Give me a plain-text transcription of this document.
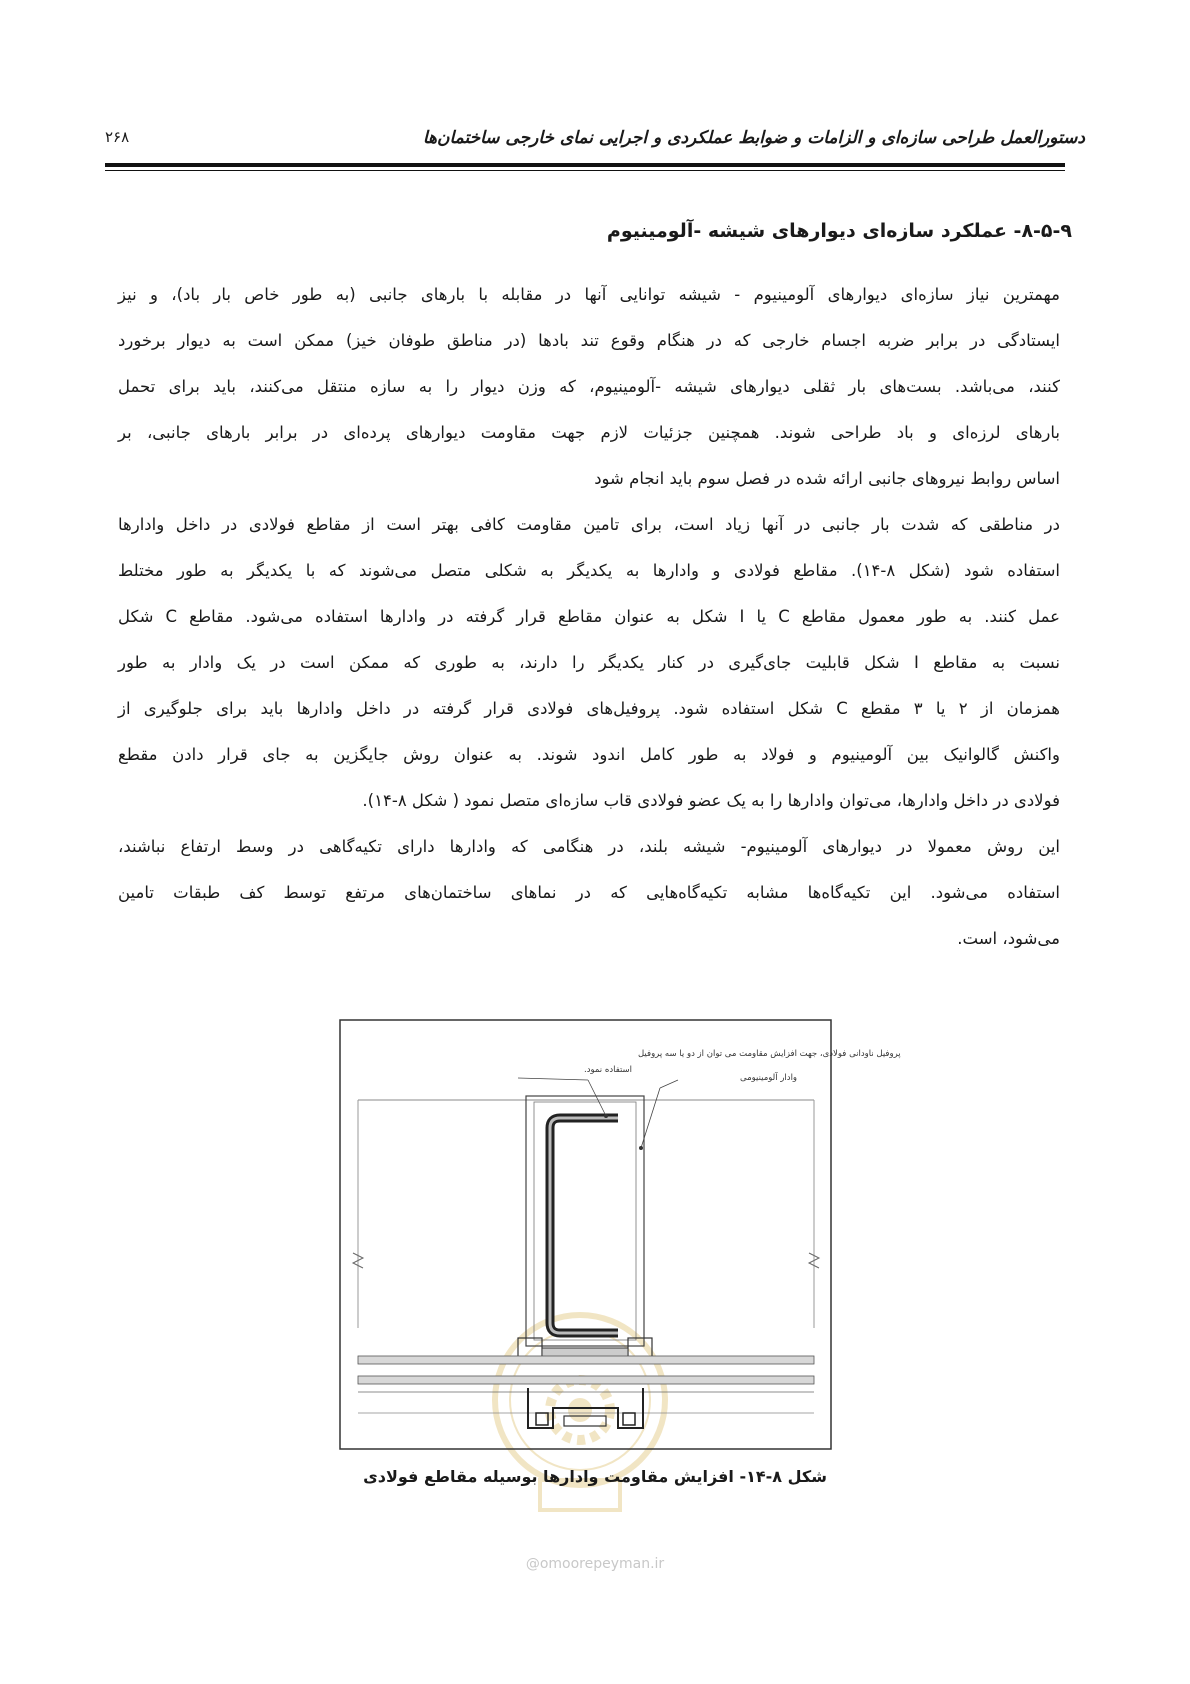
دستورالعمل طراحی سازه‌ای و الزامات و ضوابط عملکردی و اجرایی نمای خارجی ساختمان‌ها
۲۶۸
۸-۵-۹- عملکرد سازه‌ای دیوارهای شیشه -آلومینیوم
مهمترین نیاز سازه‌ای دیوارهای آلومینیوم - شیشه توانایی آنها در مقابله با بارهای جانبی (به طور خاص بار باد)، و نیز
ایستادگی در برابر ضربه اجسام خارجی که در هنگام وقوع تند بادها (در مناطق طوفان خیز) ممکن است به دیوار برخورد
کنند، می‌باشد. بست‌های بار ثقلی دیوارهای شیشه -آلومینیوم، که وزن دیوار را به سازه منتقل می‌کنند، باید برای تحمل
بارهای لرزه‌ای و باد طراحی شوند. همچنین جزئیات لازم جهت مقاومت دیوارهای پرده‌ای در برابر بارهای جانبی، بر
اساس روابط نیروهای جانبی ارائه شده در فصل سوم باید انجام شود
در مناطقی که شدت بار جانبی در آنها زیاد است، برای تامین مقاومت کافی بهتر است از مقاطع فولادی در داخل وادارها
استفاده شود (شکل ۸-۱۴). مقاطع فولادی و وادارها به یکدیگر به شکلی متصل می‌شوند که با یکدیگر به طور مختلط
عمل کنند. به طور معمول مقاطع C یا I شکل به عنوان مقاطع قرار گرفته در وادارها استفاده می‌شود. مقاطع C شکل
نسبت به مقاطع I شکل قابلیت جای‌گیری در کنار یکدیگر را دارند، به طوری که ممکن است در یک وادار به طور
همزمان از ۲ یا ۳ مقطع C شکل استفاده شود. پروفیل‌های فولادی قرار گرفته در داخل وادارها باید برای جلوگیری از
واکنش گالوانیک بین آلومینیوم و فولاد به طور کامل اندود شوند. به عنوان روش جایگزین به جای قرار دادن مقطع
فولادی در داخل وادارها، می‌توان وادارها را به یک عضو فولادی قاب سازه‌ای متصل نمود ( شکل ۸-۱۴).
این روش معمولا در دیوارهای آلومینیوم- شیشه بلند، در هنگامی که وادارها دارای تکیه‌گاهی در وسط ارتفاع نباشند،
استفاده می‌شود. این تکیه‌گاه‌ها مشابه تکیه‌گاه‌هایی که در نماهای ساختمان‌های مرتفع توسط کف طبقات تامین
می‌شود، است.
پروفیل ناودانی فولادی، جهت افزایش مقاومت می توان از دو یا سه پروفیل
استفاده نمود.
وادار آلومینیومی
شکل ۸-۱۴- افزایش مقاومت وادارها بوسیله مقاطع فولادی
@omoorepeyman.ir
